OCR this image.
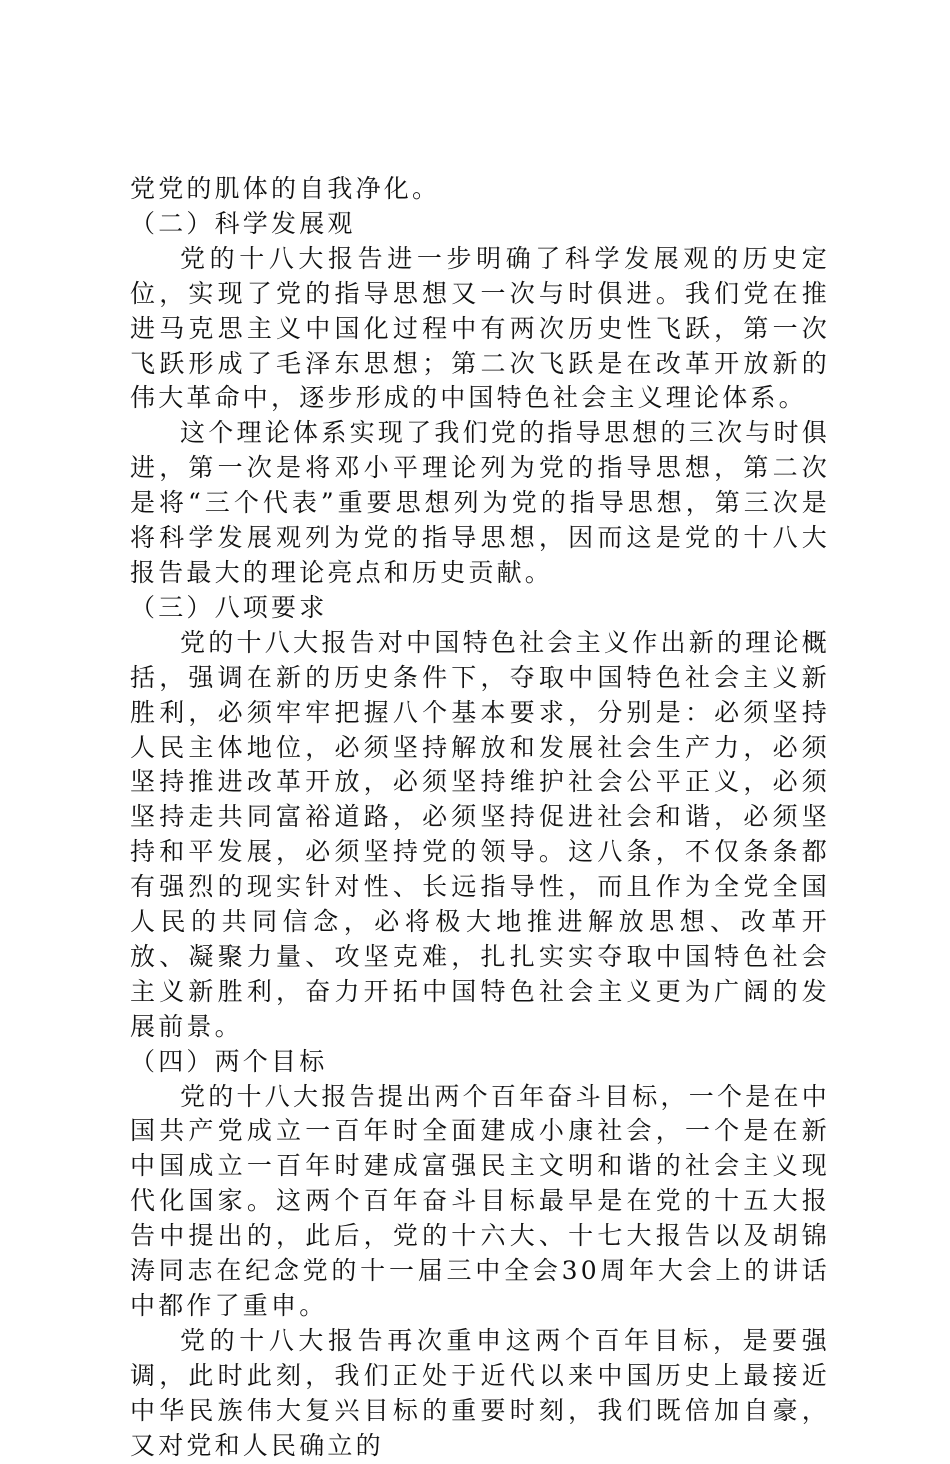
党党的肌体的自我净化。

（二）科学发展观

党的十八大报告进一步明确了科学发展观的历史定位，实现了党的指导思想又一次与时俱进。我们党在推进马克思主义中国化过程中有两次历史性飞跃，第一次飞跃形成了毛泽东思想；第二次飞跃是在改革开放新的伟大革命中，逐步形成的中国特色社会主义理论体系。

这个理论体系实现了我们党的指导思想的三次与时俱进，第一次是将邓小平理论列为党的指导思想，第二次是将“三个代表”重要思想列为党的指导思想，第三次是将科学发展观列为党的指导思想，因而这是党的十八大报告最大的理论亮点和历史贡献。

（三）八项要求

党的十八大报告对中国特色社会主义作出新的理论概括，强调在新的历史条件下，夺取中国特色社会主义新胜利，必须牢牢把握八个基本要求，分别是：必须坚持人民主体地位，必须坚持解放和发展社会生产力，必须坚持推进改革开放，必须坚持维护社会公平正义，必须坚持走共同富裕道路，必须坚持促进社会和谐，必须坚持和平发展，必须坚持党的领导。这八条，不仅条条都有强烈的现实针对性、长远指导性，而且作为全党全国人民的共同信念，必将极大地推进解放思想、改革开放、凝聚力量、攻坚克难，扎扎实实夺取中国特色社会主义新胜利，奋力开拓中国特色社会主义更为广阔的发展前景。

（四）两个目标

党的十八大报告提出两个百年奋斗目标，一个是在中国共产党成立一百年时全面建成小康社会，一个是在新中国成立一百年时建成富强民主文明和谐的社会主义现代化国家。这两个百年奋斗目标最早是在党的十五大报告中提出的，此后，党的十六大、十七大报告以及胡锦涛同志在纪念党的十一届三中全会30周年大会上的讲话中都作了重申。

党的十八大报告再次重申这两个百年目标，是要强调，此时此刻，我们正处于近代以来中国历史上最接近中华民族伟大复兴目标的重要时刻，我们既倍加自豪，又对党和人民确立的
